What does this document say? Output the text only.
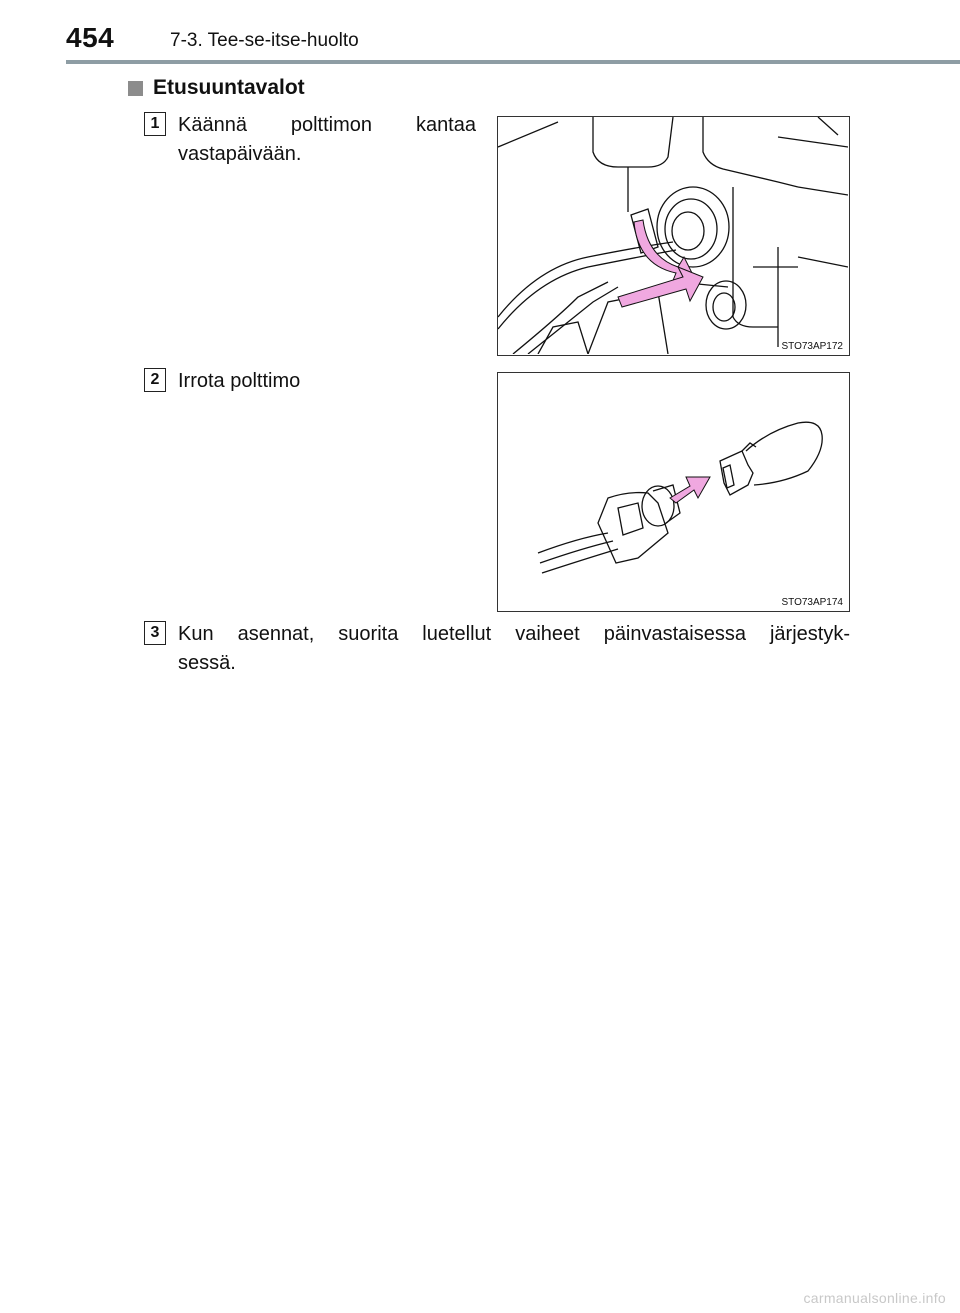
454	7-3. Tee-se-itse-huolto
Etusuuntavalot
1 Käännä polttimon kantaa
vastapäivään.
STO73AP172
2 Irrota polttimo
STO73AP174
3 Kun asennat, suorita luetellut vaiheet päinvastaisessa järjestyk-
sessä.
carmanualsonline.info
